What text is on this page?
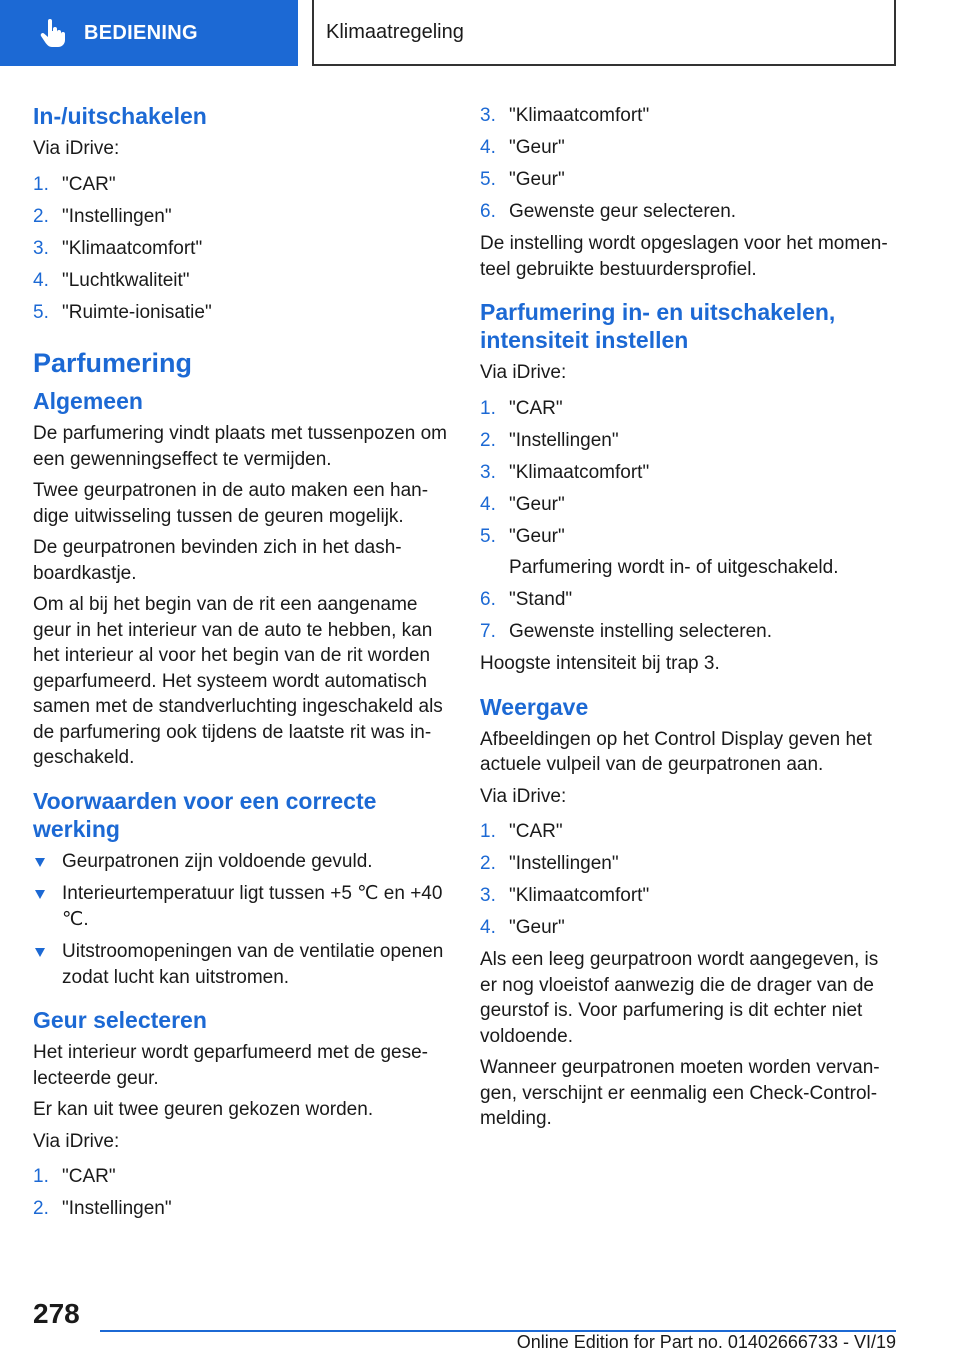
BEDIENING	Klimaatregeling
In-/uitschakelen
Via iDrive:
1. "CAR"
2. "Instellingen"
3. "Klimaatcomfort"
4. "Luchtkwaliteit"
5. "Ruimte-ionisatie"
Parfumering
Algemeen
De parfumering vindt plaats met tussenpozen om een gewenningseffect te vermijden.
Twee geurpatronen in de auto maken een han-dige uitwisseling tussen de geuren mogelijk.
De geurpatronen bevinden zich in het dash-boardkastje.
Om al bij het begin van de rit een aangename geur in het interieur van de auto te hebben, kan het interieur al voor het begin van de rit worden geparfumeerd. Het systeem wordt automatisch samen met de standverluchting ingeschakeld als de parfumering ook tijdens de laatste rit was in-geschakeld.
Voorwaarden voor een correcte werking
Geurpatronen zijn voldoende gevuld.
Interieurtemperatuur ligt tussen +5 ℃ en +40 ℃.
Uitstroomopeningen van de ventilatie openen zodat lucht kan uitstromen.
Geur selecteren
Het interieur wordt geparfumeerd met de gese-lecteerde geur.
Er kan uit twee geuren gekozen worden.
Via iDrive:
1. "CAR"
2. "Instellingen"
3. "Klimaatcomfort"
4. "Geur"
5. "Geur"
6. Gewenste geur selecteren.
De instelling wordt opgeslagen voor het momen-teel gebruikte bestuurdersprofiel.
Parfumering in- en uitschakelen, intensiteit instellen
Via iDrive:
1. "CAR"
2. "Instellingen"
3. "Klimaatcomfort"
4. "Geur"
5. "Geur"
Parfumering wordt in- of uitgeschakeld.
6. "Stand"
7. Gewenste instelling selecteren.
Hoogste intensiteit bij trap 3.
Weergave
Afbeeldingen op het Control Display geven het actuele vulpeil van de geurpatronen aan.
Via iDrive:
1. "CAR"
2. "Instellingen"
3. "Klimaatcomfort"
4. "Geur"
Als een leeg geurpatroon wordt aangegeven, is er nog vloeistof aanwezig die de drager van de geurstof is. Voor parfumering is dit echter niet voldoende.
Wanneer geurpatronen moeten worden vervan-gen, verschijnt er eenmalig een Check-Control-melding.
278
Online Edition for Part no. 01402666733 - VI/19
